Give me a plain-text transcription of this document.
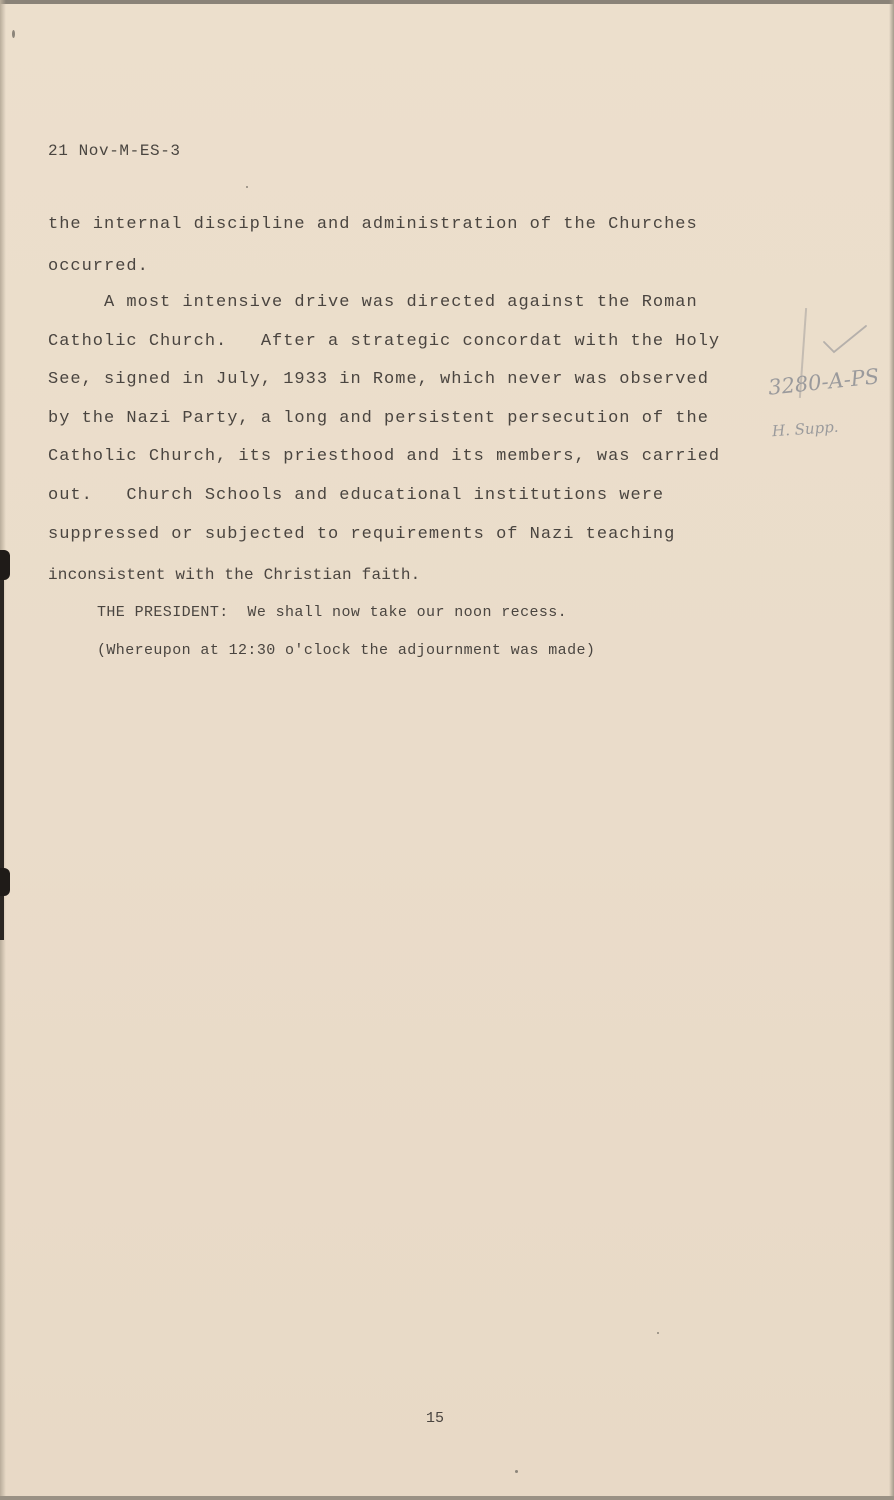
21 Nov-M-ES-3
the internal discipline and administration of the Churches
occurred.
A most intensive drive was directed against the Roman
Catholic Church.   After a strategic concordat with the Holy
See, signed in July, 1933 in Rome, which never was observed
by the Nazi Party, a long and persistent persecution of the
Catholic Church, its priesthood and its members, was carried
out.   Church Schools and educational institutions were
suppressed or subjected to requirements of Nazi teaching
inconsistent with the Christian faith.
THE PRESIDENT:  We shall now take our noon recess.
(Whereupon at 12:30 o'clock the adjournment was made)
3280-A-PS
H. Supp.
15
